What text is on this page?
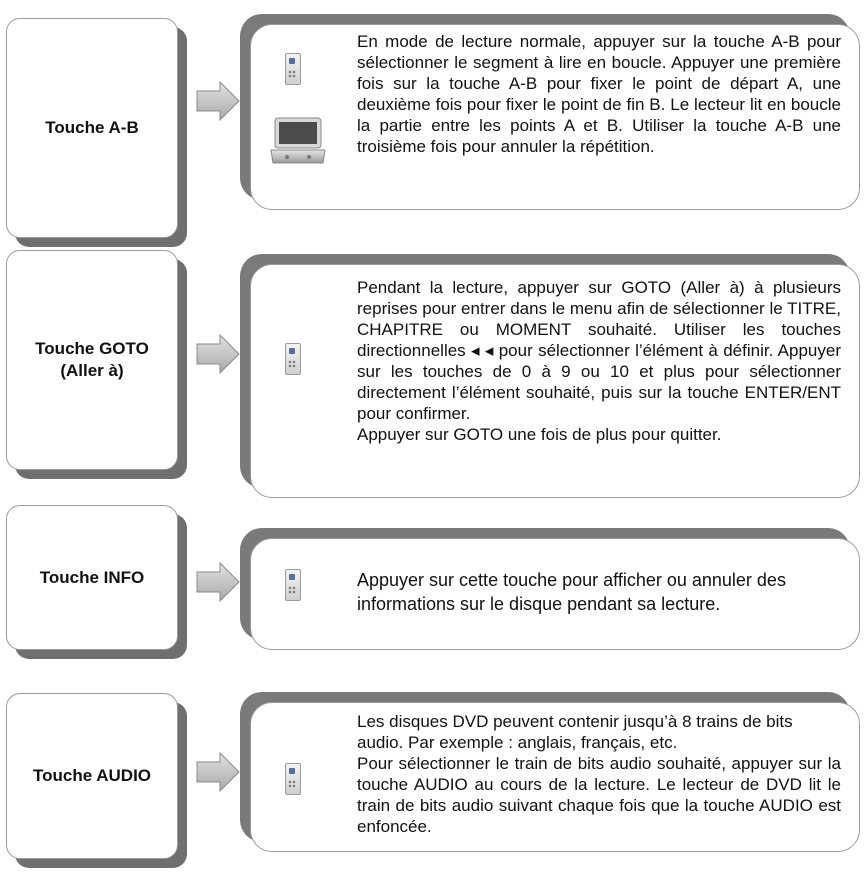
Touche A-B

En mode de lecture normale, appuyer sur la touche A-B pour sélectionner le segment à lire en boucle. Appuyer une première fois sur la touche A-B pour fixer le point de départ A, une deuxième fois pour fixer le point de fin B. Le lecteur lit en boucle la partie entre les points A et B. Utiliser la touche A-B une troisième fois pour annuler la répétition.

Touche GOTO
(Aller à)

Pendant la lecture, appuyer sur GOTO (Aller à) à plusieurs reprises pour entrer dans le menu afin de sélectionner le TITRE, CHAPITRE ou MOMENT souhaité. Utiliser les touches directionnelles ◂ ◂ pour sélectionner l’élément à définir. Appuyer sur les touches de 0 à 9 ou 10 et plus pour sélectionner directement l’élément souhaité, puis sur la touche ENTER/ENT pour confirmer.

Appuyer sur GOTO une fois de plus pour quitter.

Touche INFO	Appuyer sur cette touche pour afficher ou annuler des informations sur le disque pendant sa lecture.

Touche AUDIO

Les disques DVD peuvent contenir jusqu’à 8 trains de bits audio. Par exemple : anglais, français, etc.

Pour sélectionner le train de bits audio souhaité, appuyer sur la touche AUDIO au cours de la lecture. Le lecteur de DVD lit le train de bits audio suivant chaque fois que la touche AUDIO est enfoncée.
